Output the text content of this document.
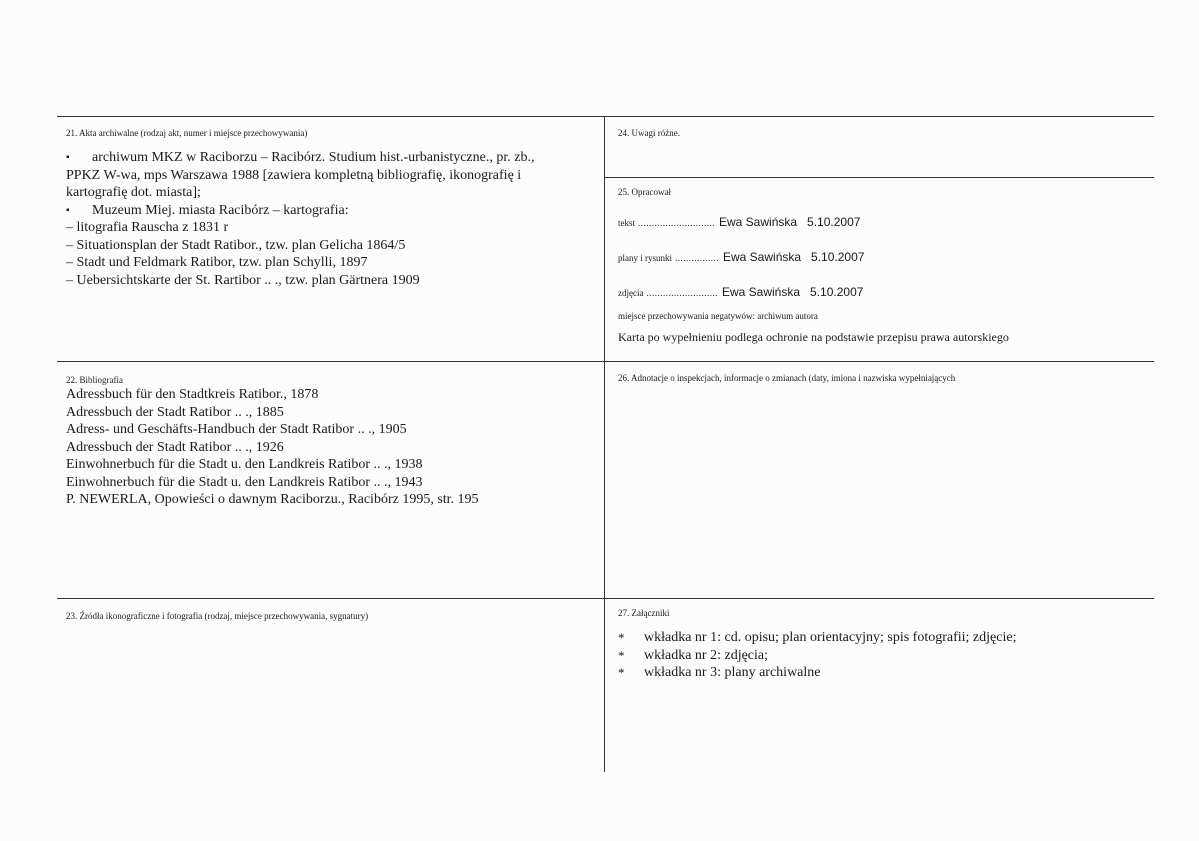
21. Akta archiwalne (rodzaj akt, numer i miejsce przechowywania)
▪	archiwum MKZ w Raciborzu – Racibórz. Studium hist.-urbanistyczne., pr. zb.,
PPKZ W-wa, mps Warszawa 1988 [zawiera kompletną bibliografię, ikonografię i
kartografię dot. miasta];
▪	Muzeum Miej. miasta Racibórz – kartografia:
– litografia Rauscha z 1831 r
– Situationsplan der Stadt Ratibor., tzw. plan Gelicha 1864/5
– Stadt und Feldmark Ratibor, tzw. plan Schylli, 1897
– Uebersichtskarte der St. Rartibor .. ., tzw. plan Gärtnera 1909
24. Uwagi różne.
25. Opracował
tekst ............................ Ewa Sawińska 5.10.2007
plany i rysunki ................ Ewa Sawińska 5.10.2007
zdjęcia .......................... Ewa Sawińska 5.10.2007
miejsce przechowywania negatywów: archiwum autora
Karta po wypełnieniu podlega ochronie na podstawie przepisu prawa autorskiego
22. Bibliografia
Adressbuch für den Stadtkreis Ratibor., 1878
Adressbuch der Stadt Ratibor .. ., 1885
Adress- und Geschäfts-Handbuch der Stadt Ratibor .. ., 1905
Adressbuch der Stadt Ratibor .. ., 1926
Einwohnerbuch für die Stadt u. den Landkreis Ratibor .. ., 1938
Einwohnerbuch für die Stadt u. den Landkreis Ratibor .. ., 1943
P. NEWERLA, Opowieści o dawnym Raciborzu., Racibórz 1995, str. 195
26. Adnotacje o inspekcjach, informacje o zmianach (daty, imiona i nazwiska wypełniających
23. Źródła ikonograficzne i fotografia (rodzaj, miejsce przechowywania, sygnatury)	27. Załączniki
*	wkładka nr 1: cd. opisu; plan orientacyjny; spis fotografii; zdjęcie;
*	wkładka nr 2: zdjęcia;
*	wkładka nr 3: plany archiwalne
